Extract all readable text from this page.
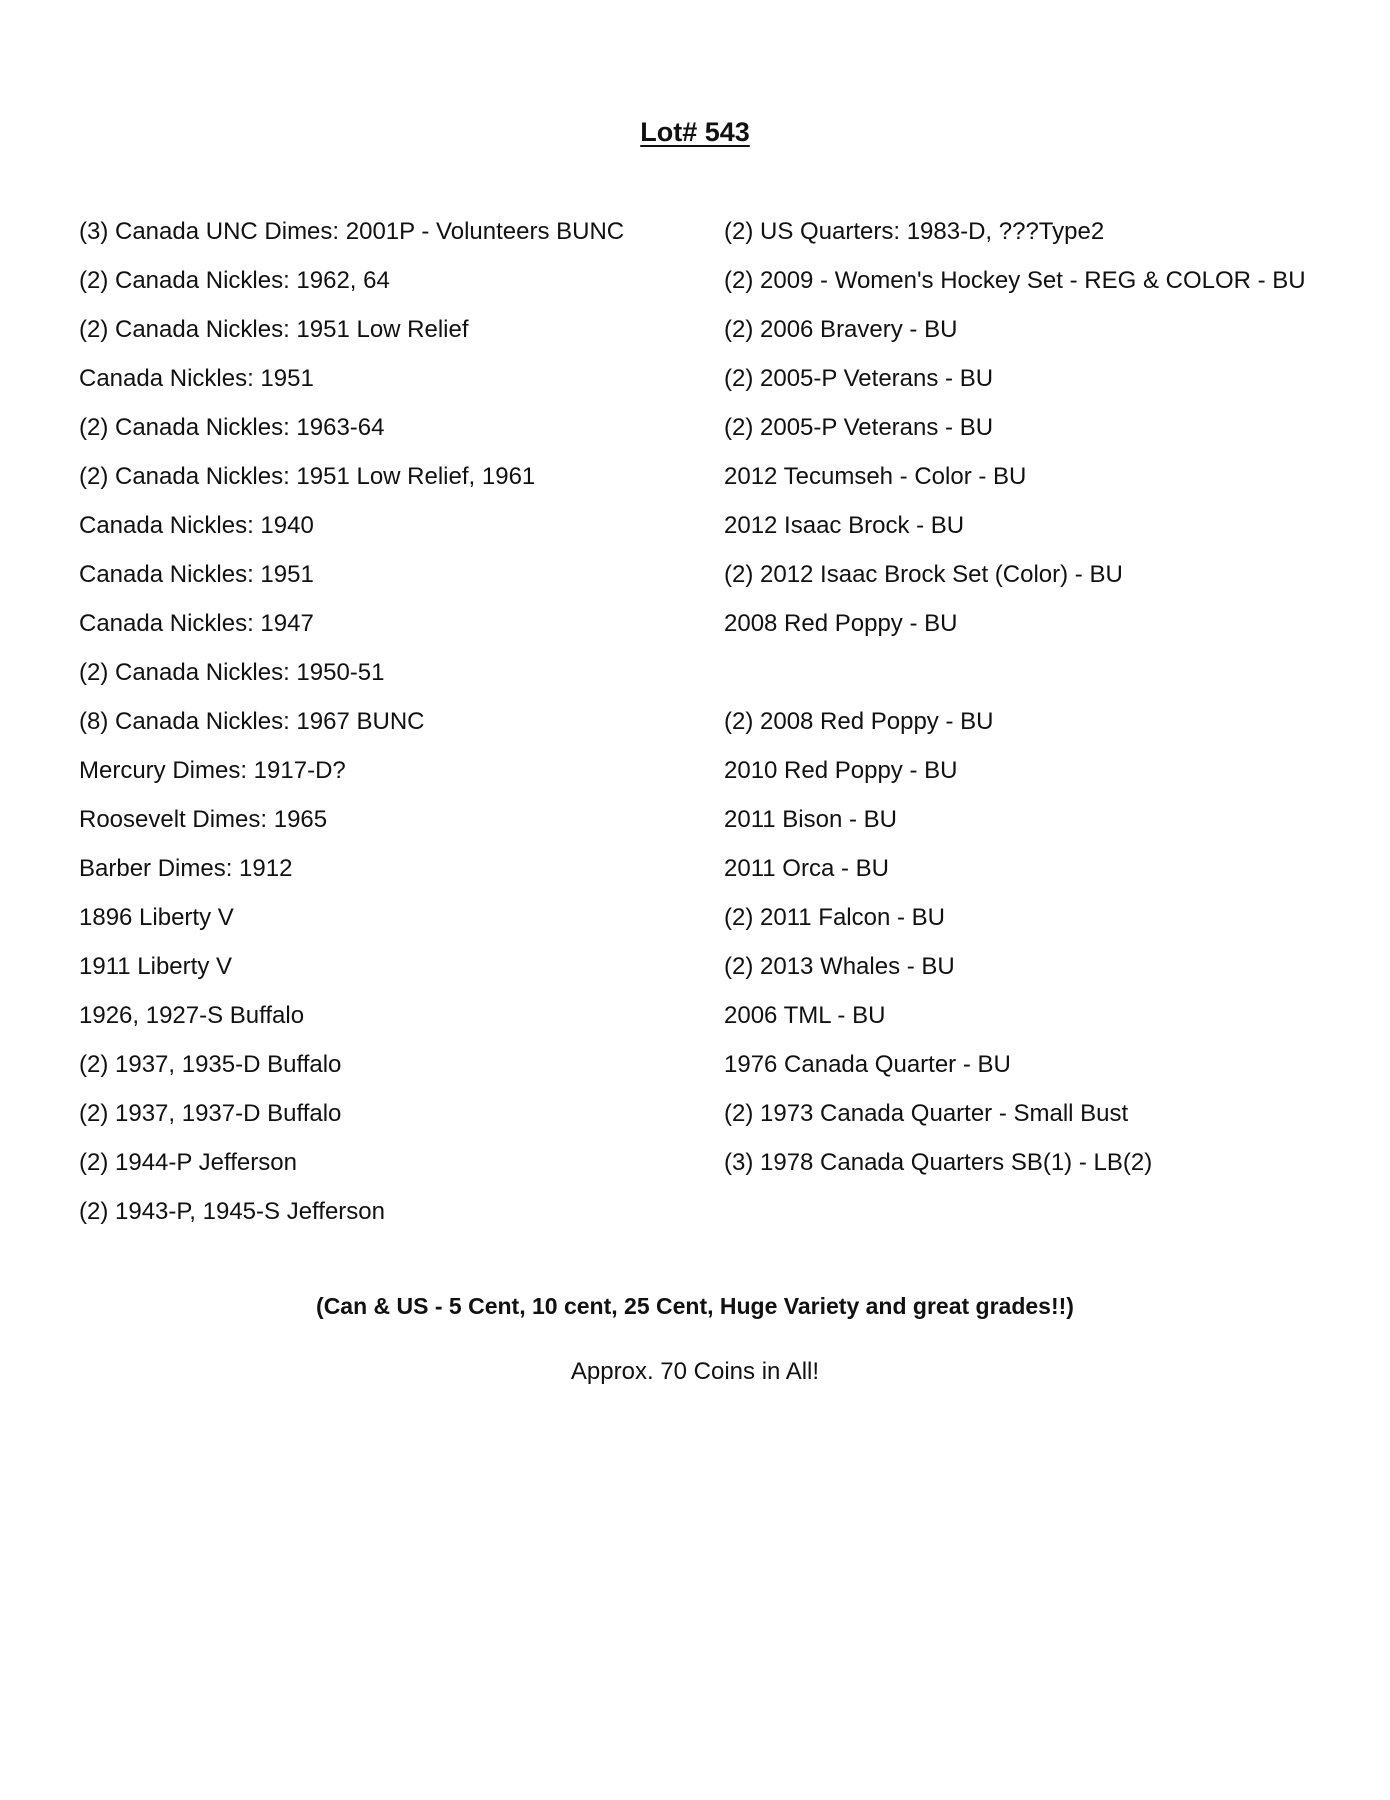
Lot# 543
(3) Canada UNC Dimes: 2001P - Volunteers BUNC
(2) Canada Nickles: 1962, 64
(2) Canada Nickles: 1951 Low Relief
Canada Nickles: 1951
(2) Canada Nickles: 1963-64
(2) Canada Nickles: 1951 Low Relief, 1961
Canada Nickles: 1940
Canada Nickles: 1951
Canada Nickles: 1947
(2) Canada Nickles: 1950-51
(8) Canada Nickles: 1967 BUNC
Mercury Dimes: 1917-D?
Roosevelt Dimes: 1965
Barber Dimes: 1912
1896 Liberty V
1911 Liberty V
1926, 1927-S Buffalo
(2) 1937, 1935-D Buffalo
(2) 1937, 1937-D Buffalo
(2) 1944-P Jefferson
(2) 1943-P, 1945-S Jefferson
(2) US Quarters: 1983-D, ???Type2
(2) 2009 - Women's Hockey Set - REG & COLOR - BU
(2) 2006 Bravery - BU
(2) 2005-P Veterans - BU
(2) 2005-P Veterans - BU
2012 Tecumseh - Color - BU
2012 Isaac Brock - BU
(2) 2012 Isaac Brock Set (Color) - BU
2008 Red Poppy - BU
(2) 2008 Red Poppy - BU
2010 Red Poppy - BU
2011 Bison - BU
2011 Orca - BU
(2) 2011 Falcon - BU
(2) 2013 Whales - BU
2006 TML - BU
1976 Canada Quarter - BU
(2) 1973 Canada Quarter - Small Bust
(3) 1978 Canada Quarters SB(1) - LB(2)
(Can & US - 5 Cent, 10 cent, 25 Cent, Huge Variety and great grades!!)
Approx. 70 Coins in All!
